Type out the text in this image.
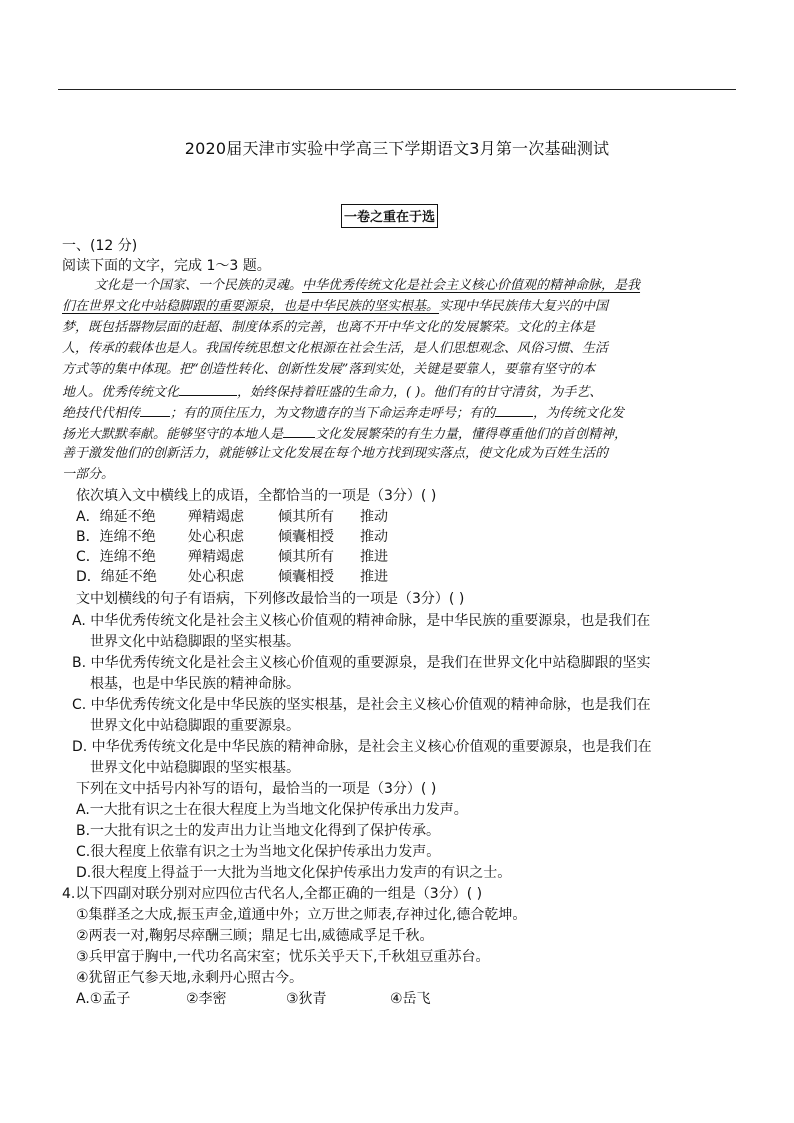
2020届天津市实验中学高三下学期语文3月第一次基础测试
一卷之重在于选
一、(12 分)
阅读下面的文字，完成 1～3 题。
文化是一个国家、一个民族的灵魂。中华优秀传统文化是社会主义核心价值观的精神命脉，是我
们在世界文化中站稳脚跟的重要源泉，也是中华民族的坚实根基。实现中华民族伟大复兴的中国
梦，既包括器物层面的赶超、制度体系的完善，也离不开中华文化的发展繁荣。文化的主体是
人，传承的载体也是人。我国传统思想文化根源在社会生活，是人们思想观念、风俗习惯、生活
方式等的集中体现。把“创造性转化、创新性发展”落到实处，关键是要靠人，要靠有坚守的本
地人。优秀传统文化	，始终保持着旺盛的生命力，( )。他们有的甘守清贫，为手艺、
绝技代代相传 ；有的顶住压力，为文物遗存的当下命运奔走呼号；有的	，为传统文化发
扬光大默默奉献。能够坚守的本地人是 文化发展繁荣的有生力量，懂得尊重他们的首创精神，
善于激发他们的创新活力，就能够让文化发展在每个地方找到现实落点，使文化成为百姓生活的
一部分。
依次填入文中横线上的成语，全都恰当的一项是（3分）( )
A．绵延不绝 殚精竭虑 倾其所有 推动
B．连绵不绝 处心积虑 倾囊相授 推动
C．连绵不绝 殚精竭虑 倾其所有 推进
D．绵延不绝 处心积虑 倾囊相授 推进
文中划横线的句子有语病，下列修改最恰当的一项是（3分）( )
A. 中华优秀传统文化是社会主义核心价值观的精神命脉，是中华民族的重要源泉，也是我们在
世界文化中站稳脚跟的坚实根基。
B. 中华优秀传统文化是社会主义核心价值观的重要源泉，是我们在世界文化中站稳脚跟的坚实
根基，也是中华民族的精神命脉。
C. 中华优秀传统文化是中华民族的坚实根基，是社会主义核心价值观的精神命脉，也是我们在
世界文化中站稳脚跟的重要源泉。
D. 中华优秀传统文化是中华民族的精神命脉，是社会主义核心价值观的重要源泉，也是我们在
世界文化中站稳脚跟的坚实根基。
下列在文中括号内补写的语句，最恰当的一项是（3分）( )
A.一大批有识之士在很大程度上为当地文化保护传承出力发声。
B.一大批有识之士的发声出力让当地文化得到了保护传承。
C.很大程度上依靠有识之士为当地文化保护传承出力发声。
D.很大程度上得益于一大批为当地文化保护传承出力发声的有识之士。
4.以下四副对联分别对应四位古代名人,全都正确的一组是（3分）( )
①集群圣之大成,振玉声金,道通中外；立万世之师表,存神过化,德合乾坤。
②两表一对,鞠躬尽瘁酬三顾；鼎足七出,威德咸孚足千秋。
③兵甲富于胸中,一代功名高宋室；忧乐关乎天下,千秋俎豆重苏台。
④犹留正气参天地,永剩丹心照古今。
A.①孟子	②李密	③狄青	④岳飞
